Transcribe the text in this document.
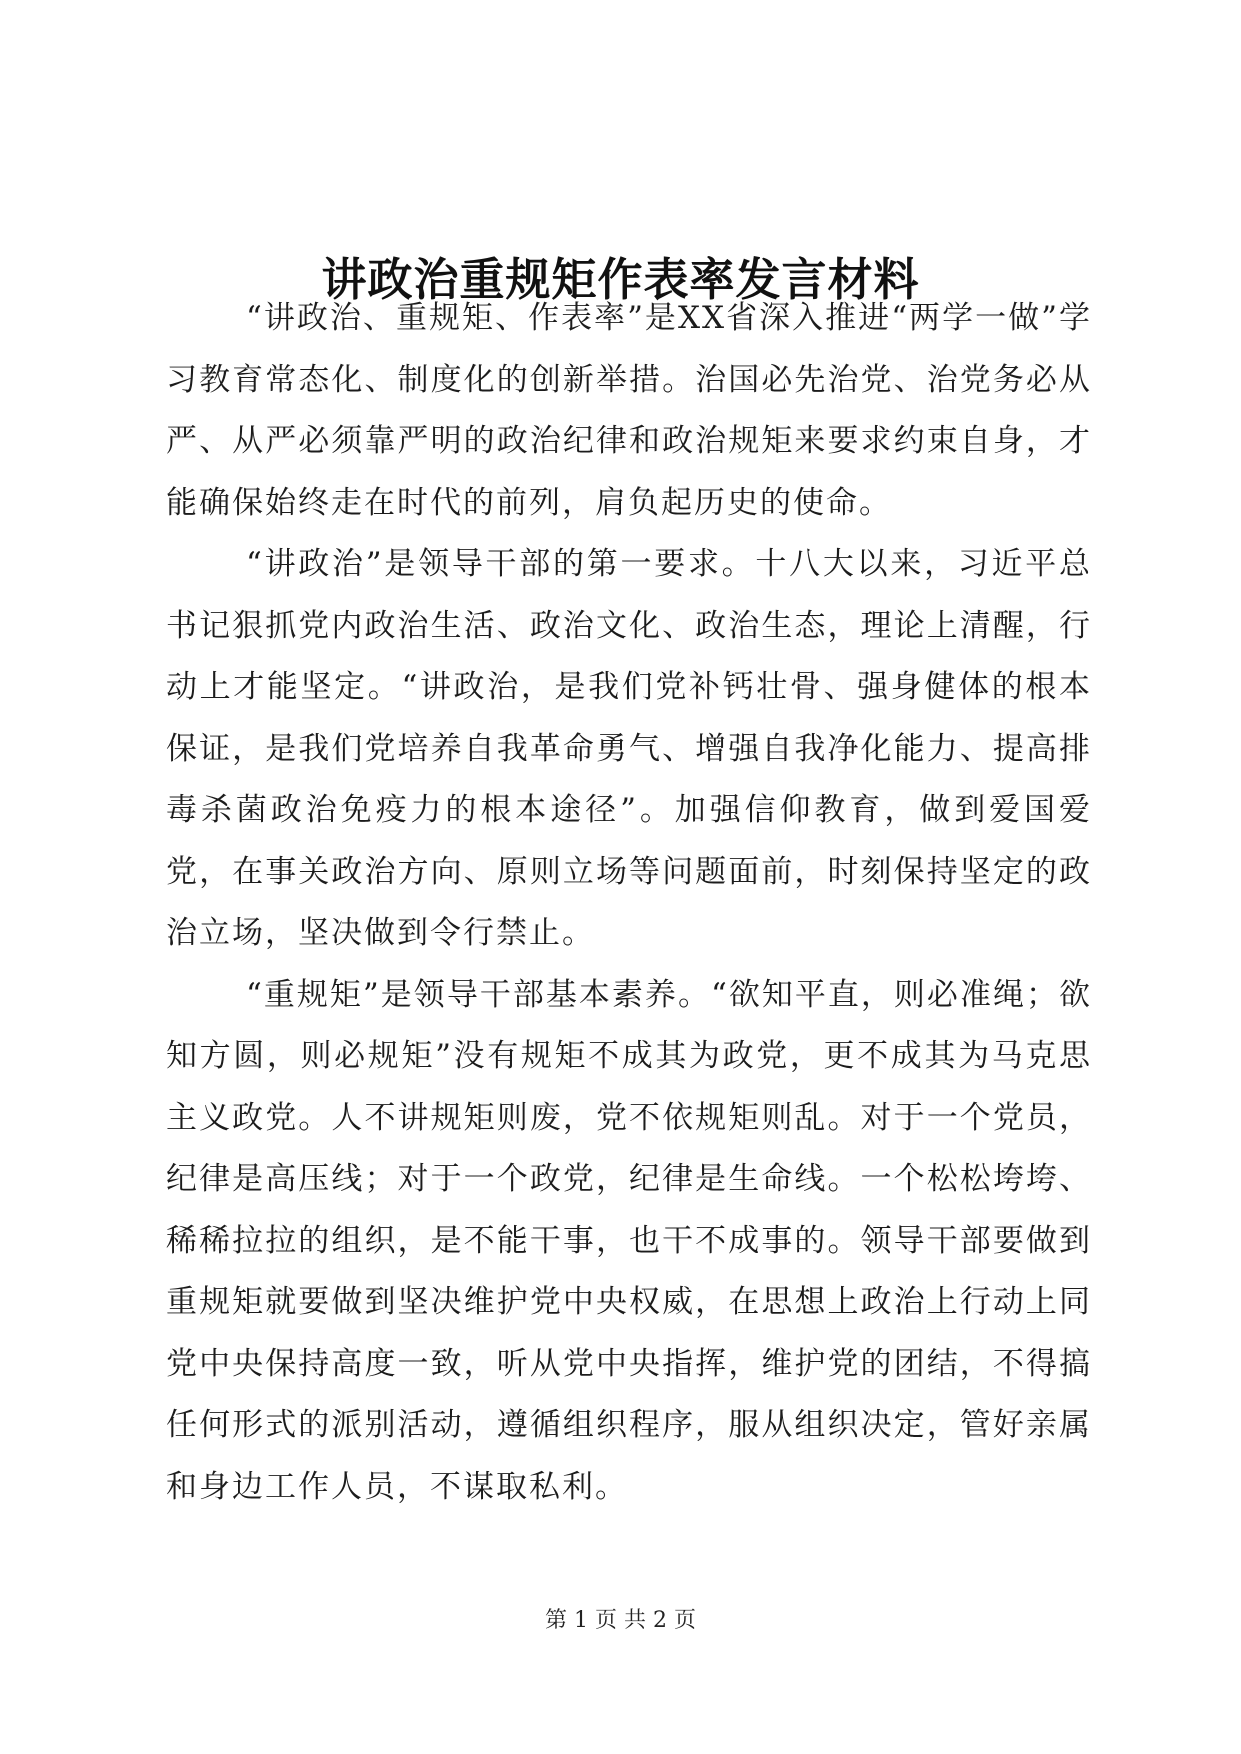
讲政治重规矩作表率发言材料

“讲政治、重规矩、作表率”是XX省深入推进“两学一做”学习教育常态化、制度化的创新举措。治国必先治党、治党务必从严、从严必须靠严明的政治纪律和政治规矩来要求约束自身，才能确保始终走在时代的前列，肩负起历史的使命。

“讲政治”是领导干部的第一要求。十八大以来，习近平总书记狠抓党内政治生活、政治文化、政治生态，理论上清醒，行动上才能坚定。“讲政治，是我们党补钙壮骨、强身健体的根本保证，是我们党培养自我革命勇气、增强自我净化能力、提高排毒杀菌政治免疫力的根本途径”。加强信仰教育，做到爱国爱党，在事关政治方向、原则立场等问题面前，时刻保持坚定的政治立场，坚决做到令行禁止。

“重规矩”是领导干部基本素养。“欲知平直，则必准绳；欲知方圆，则必规矩”没有规矩不成其为政党，更不成其为马克思主义政党。人不讲规矩则废，党不依规矩则乱。对于一个党员，纪律是高压线；对于一个政党，纪律是生命线。一个松松垮垮、稀稀拉拉的组织，是不能干事，也干不成事的。领导干部要做到重规矩就要做到坚决维护党中央权威，在思想上政治上行动上同党中央保持高度一致，听从党中央指挥，维护党的团结，不得搞任何形式的派别活动，遵循组织程序，服从组织决定，管好亲属和身边工作人员，不谋取私利。

第 1 页 共 2 页
